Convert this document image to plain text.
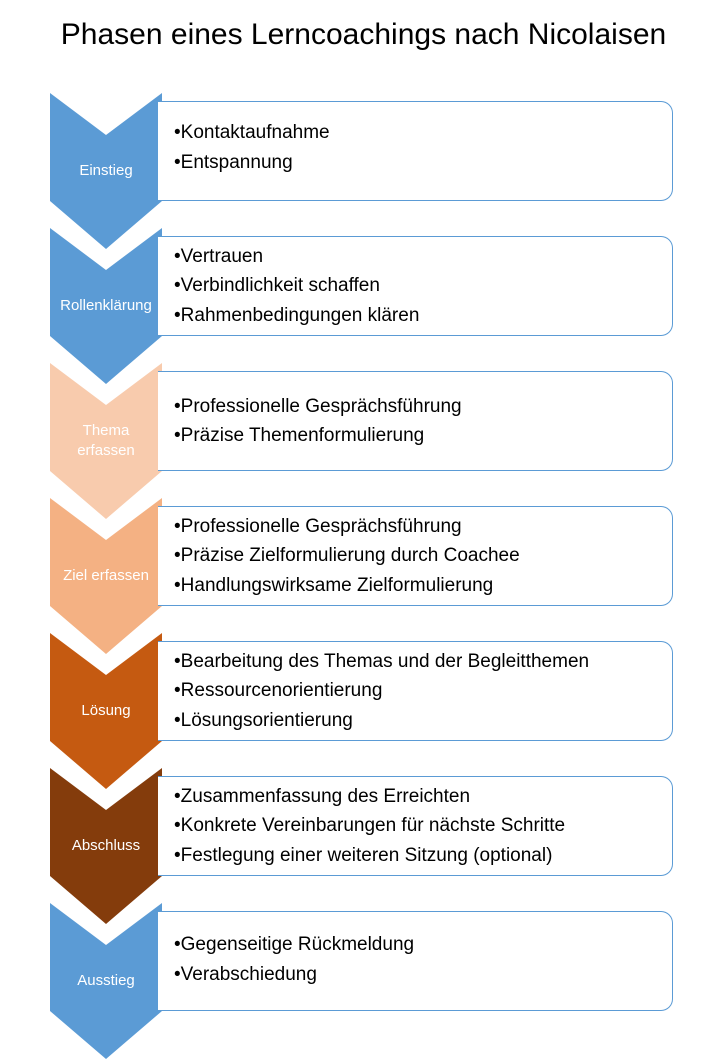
Phasen eines Lerncoachings nach Nicolaisen
Einstieg
• Kontaktaufnahme
• Entspannung
Rollenklärung
• Vertrauen
• Verbindlichkeit schaffen
• Rahmenbedingungen klären
Thema
erfassen
• Professionelle Gesprächsführung
• Präzise Themenformulierung
Ziel erfassen
• Professionelle Gesprächsführung
• Präzise Zielformulierung durch Coachee
• Handlungswirksame Zielformulierung
Lösung
• Bearbeitung des Themas und der Begleitthemen
• Ressourcenorientierung
• Lösungsorientierung
Abschluss
• Zusammenfassung des Erreichten
• Konkrete Vereinbarungen für nächste Schritte
• Festlegung einer weiteren Sitzung (optional)
Ausstieg
• Gegenseitige Rückmeldung
• Verabschiedung
